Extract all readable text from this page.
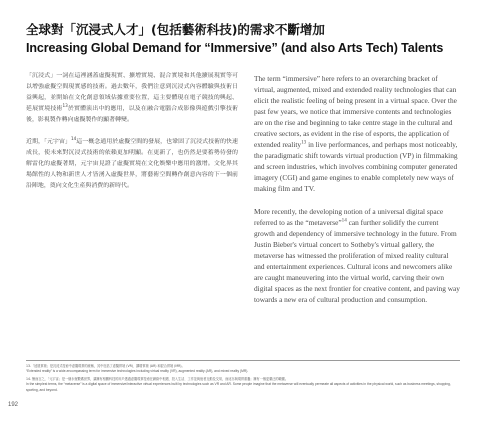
全球對「沉浸式人才」(包括藝術科技)的需求不斷增加
Increasing Global Demand for “Immersive” (and also Arts Tech) Talents

「沉浸式」一詞在這裡涵蓋虛擬現實、擴增實境、混合實境和其他擴展現實等可以增強虛擬空間現實感的技術。過去數年，我們注意到沉浸式內容體驗與技術日益興起，並開始在文化創意領域佔據重要位置，這主要體現在電子競技的興起、延展實境技術$^{13}$於實體演出中的應用，以及在融合電腦合成影像與遊戲引擎技術後，影視製作轉向虛擬製作的顯著轉變。

近期，「元宇宙」$^{14}$這一概念通用於虛擬空間的發展，也鞏固了沉浸式技術的快速成長，使未來對沉浸式技術的依賴更加明顯。在更新了，也仍然是要蓄勢待發的解雷化的虛擬著期，元宇宙見證了虛擬實境在文化娛樂中應用的激增。文化界其場館性的人物和新世人才皆湧入虛擬世界，將藝術空間轉作創意內容的下一個前沿陣地，奠向文化生產與消費的新時代。

The term “immersive” here refers to an overarching bracket of virtual, augmented, mixed and extended reality technologies that can elicit the realistic feeling of being present in a virtual space. Over the past few years, we notice that immersive contents and technologies are on the rise and beginning to take centre stage in the cultural and creative sectors, as evident in the rise of esports, the application of extended reality$^{13}$ in live performances, and perhaps most noticeably, the paradigmatic shift towards virtual production (VP) in filmmaking and screen industries, which involves combining computer generated imagery (CGI) and game engines to enable completely new ways of making film and TV.

More recently, the developing notion of a universal digital space referred to as the “metaverse”$^{14}$ can further solidify the current growth and dependency of immersive technology in the future. From Justin Bieber's virtual concert to Sotheby's virtual gallery, the metaverse has witnessed the proliferation of mixed reality cultural and entertainment experiences. Cultural icons and newcomers alike are caught maneuvering into the virtual world, carving their own digital spaces as the next frontier for creative content, and paving way towards a new era of cultural production and consumption.

13.「延展實境」是沉浸式技術中虛擬現實的統稱，其中包括了虛擬實境 (VR)、擴增實境 (AR) 和混合實境 (MR)。
“Extended reality” is a wide-encompassing term for immersive technologies including virtual reality (VR), augmented reality (AR), and mixed reality (MR).
14. 簡而言之，「元宇宙」是一個永恆數碼世界，讓擁有相關科技的用戶透過虛擬現實技術在網絡中相遇、投入生活、工作並與他者互動及交易，而這亦與現實重疊；擁有一個更廣泛的範圍。
In the simplest terms, the “metaverse” is a digital space of immersive/interactive virtual experiences built by technologies such as VR and AR. Some people imagine that the metaverse will eventually permeate all aspects of activities in the physical world, such as business meetings, shopping, sporting, and beyond.
192
